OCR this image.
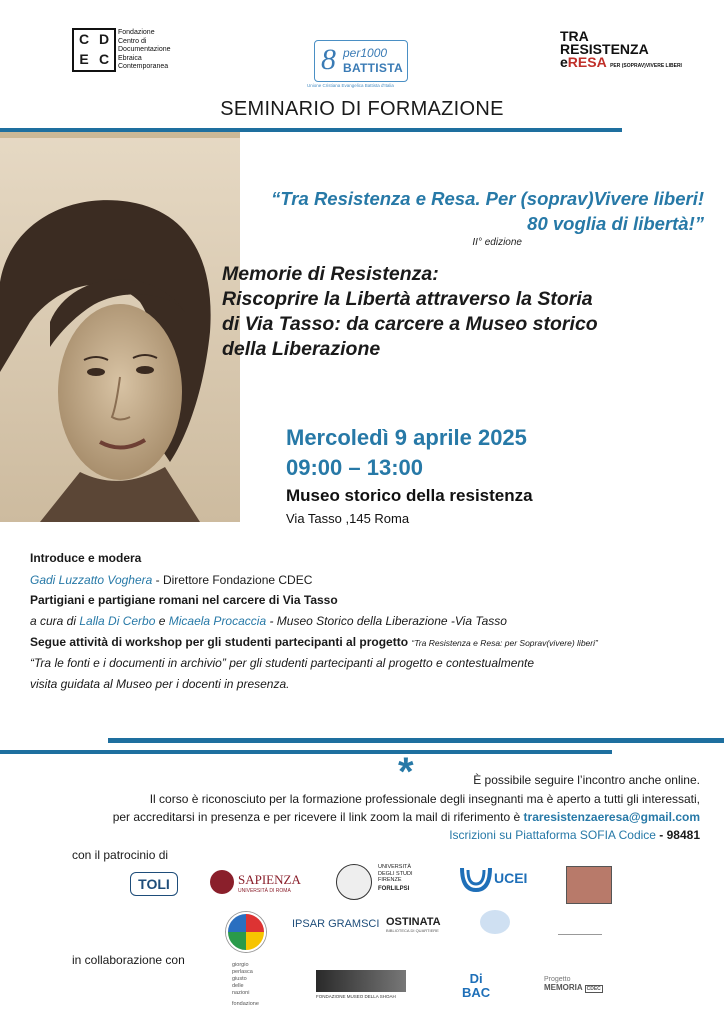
C D
E C
Fondazione
Centro di
Documentazione
Ebraica
Contemporanea	8 per1000
BATTISTA
Unione Cristiana Evangelica Battista d'Italia
TRA
RESISTENZA
eRESA PER (SOPRAV)VIVERE LIBERI
SEMINARIO DI FORMAZIONE
“Tra Resistenza e Resa. Per (soprav)Vivere liberi!
80 voglia di libertà!”
II° edizione
Memorie di Resistenza:
Riscoprire la Libertà attraverso la Storia
di Via Tasso: da carcere a Museo storico
della Liberazione
Mercoledì 9 aprile 2025
09:00 – 13:00
Museo storico della resistenza
Via Tasso ,145 Roma
Introduce e modera
Gadi Luzzatto Voghera - Direttore Fondazione CDEC
Partigiani e partigiane romani nel carcere di Via Tasso
a cura di Lalla Di Cerbo e Micaela Procaccia - Museo Storico della Liberazione -Via Tasso
Segue attività di workshop per gli studenti partecipanti al progetto “Tra Resistenza e Resa: per Soprav(vivere) liberi”
“Tra le fonti e i documenti in archivio” per gli studenti partecipanti al progetto e contestualmente
visita guidata al Museo per i docenti in presenza.
*	È possibile seguire l’incontro anche online.
Il corso è riconosciuto per la formazione professionale degli insegnanti ma è aperto a tutti gli interessati,
per accreditarsi in presenza e per ricevere il link zoom la mail di riferimento è traresistenzaeresa@gmail.com
Iscrizioni su Piattaforma SOFIA Codice - 98481
con il patrocinio di
TOLI	SAPIENZA
UNIVERSITÀ DI ROMA
UNIVERSITÀ
DEGLI STUDI
FIRENZE
FORLILPSI
UCEI
IPSAR GRAMSCI OSTINATA
BIBLIOTECA DI QUARTIERE
in collaborazione con	giorgio
perlasca
giusto
delle
nazioni
fondazione
FONDAZIONE MUSEO DELLA SHOAH
Di
BAC
Progetto
MEMORIA CDEC
